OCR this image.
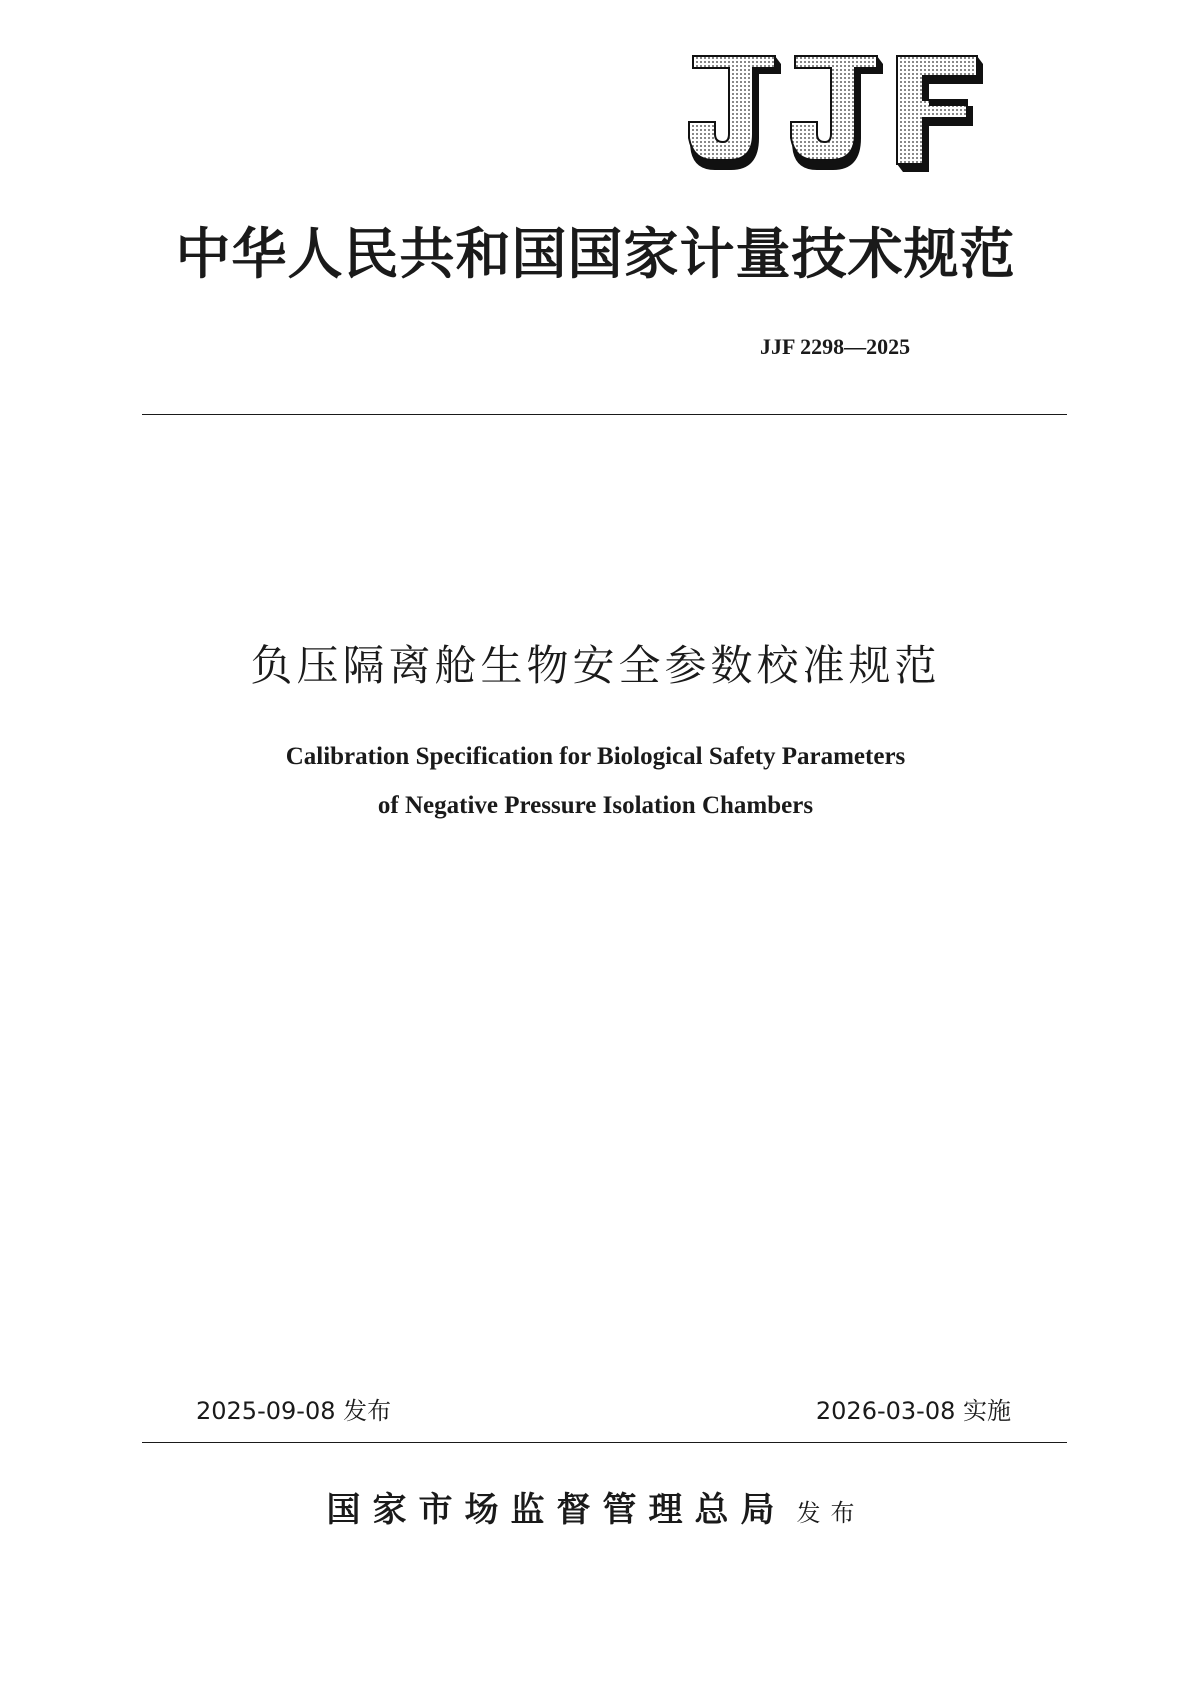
中华人民共和国国家计量技术规范
JJF 2298—2025
负压隔离舱生物安全参数校准规范
Calibration Specification for Biological Safety Parameters
of Negative Pressure Isolation Chambers
2025-09-08 发布	2026-03-08 实施
国家市场监督管理总局 发布
